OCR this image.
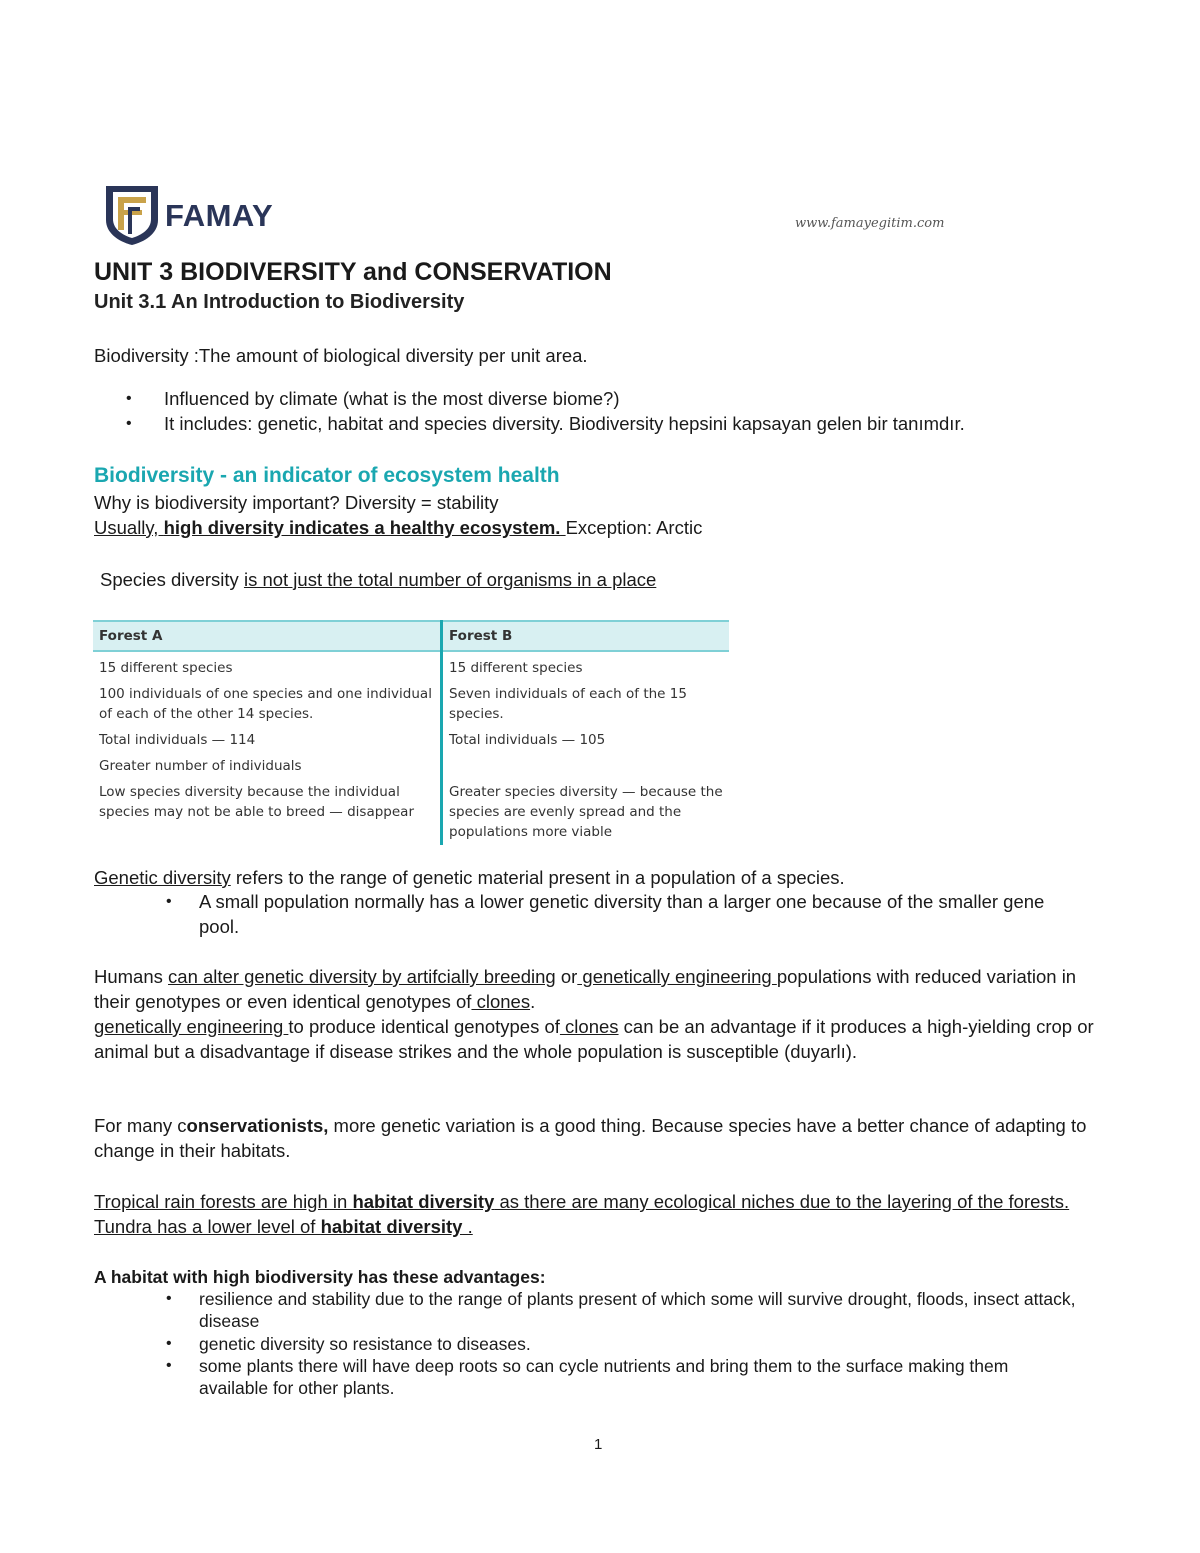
FAMAY	www.famayegitim.com
UNIT 3 BIODIVERSITY and CONSERVATION
Unit 3.1 An Introduction to Biodiversity
Biodiversity :The amount of biological diversity per unit area.
• Influenced by climate (what is the most diverse biome?)
• It includes: genetic, habitat and species diversity. Biodiversity hepsini kapsayan gelen bir tanımdır.
Biodiversity - an indicator of ecosystem health
Why is biodiversity important? Diversity = stability
Usually, high diversity indicates a healthy ecosystem. Exception: Arctic
Species diversity is not just the total number of organisms in a place
Forest A	Forest B
15 different species	15 different species
100 individuals of one species and one individual of each of the other 14 species.	Seven individuals of each of the 15 species.
Total individuals — 114	Total individuals — 105
Greater number of individuals	
Low species diversity because the individual species may not be able to breed — disappear	Greater species diversity — because the species are evenly spread and the populations more viable
Genetic diversity refers to the range of genetic material present in a population of a species.
• A small population normally has a lower genetic diversity than a larger one because of the smaller gene pool.
Humans can alter genetic diversity by artifcially breeding or genetically engineering populations with reduced variation in their genotypes or even identical genotypes of clones.
genetically engineering to produce identical genotypes of clones can be an advantage if it produces a high-yielding crop or animal but a disadvantage if disease strikes and the whole population is susceptible (duyarlı).
For many conservationists, more genetic variation is a good thing. Because species have a better chance of adapting to change in their habitats.
Tropical rain forests are high in habitat diversity as there are many ecological niches due to the layering of the forests. Tundra has a lower level of habitat diversity .
A habitat with high biodiversity has these advantages:
• resilience and stability due to the range of plants present of which some will survive drought, floods, insect attack, disease
• genetic diversity so resistance to diseases.
• some plants there will have deep roots so can cycle nutrients and bring them to the surface making them available for other plants.
1
